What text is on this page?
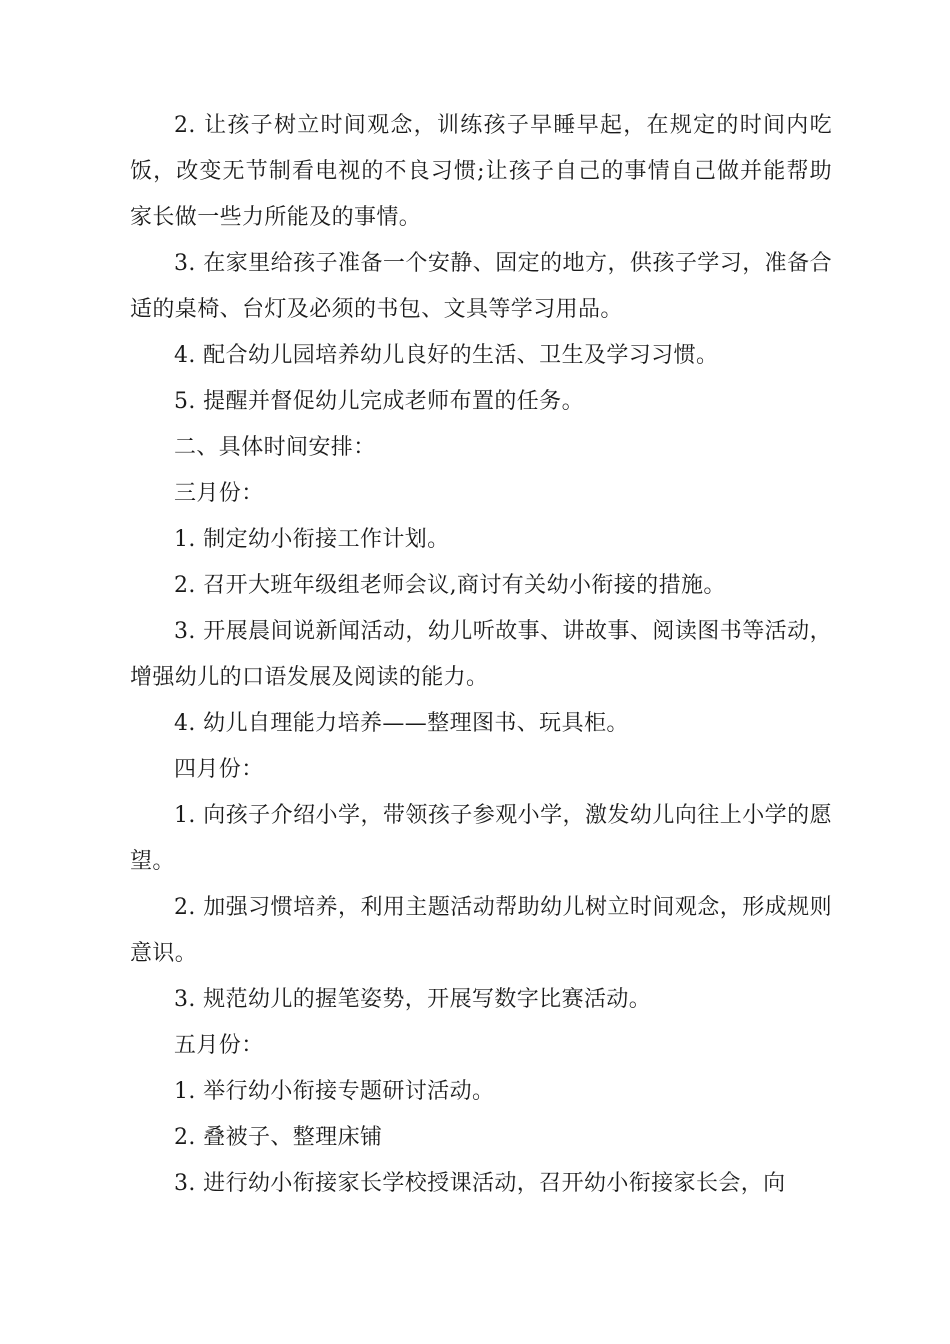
2. 让孩子树立时间观念，训练孩子早睡早起，在规定的时间内吃饭，改变无节制看电视的不良习惯;让孩子自己的事情自己做并能帮助家长做一些力所能及的事情。

3. 在家里给孩子准备一个安静、固定的地方，供孩子学习，准备合适的桌椅、台灯及必须的书包、文具等学习用品。

4. 配合幼儿园培养幼儿良好的生活、卫生及学习习惯。

5. 提醒并督促幼儿完成老师布置的任务。

二、具体时间安排：

三月份：

1. 制定幼小衔接工作计划。

2. 召开大班年级组老师会议,商讨有关幼小衔接的措施。

3. 开展晨间说新闻活动，幼儿听故事、讲故事、阅读图书等活动，增强幼儿的口语发展及阅读的能力。

4. 幼儿自理能力培养——整理图书、玩具柜。

四月份：

1. 向孩子介绍小学，带领孩子参观小学，激发幼儿向往上小学的愿望。

2. 加强习惯培养，利用主题活动帮助幼儿树立时间观念，形成规则意识。

3. 规范幼儿的握笔姿势，开展写数字比赛活动。

五月份：

1. 举行幼小衔接专题研讨活动。

2. 叠被子、整理床铺

3. 进行幼小衔接家长学校授课活动，召开幼小衔接家长会，向
